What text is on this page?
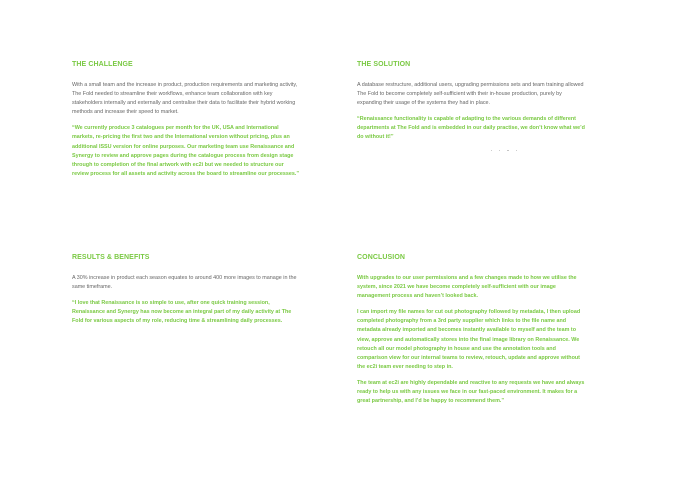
THE CHALLENGE

With a small team and the increase in product, production requirements and marketing activity, The Fold needed to streamline their workflows, enhance team collaboration with key stakeholders internally and externally and centralise their data to facilitate their hybrid working methods and increase their speed to market.

“We currently produce 3 catalogues per month for the UK, USA and International markets, re-pricing the first two and the International version without pricing, plus an additional ISSU version for online purposes. Our marketing team use Renaissance and Synergy to review and approve pages during the catalogue process from design stage through to completion of the final artwork with ec2i but we needed to structure our review process for all assets and activity across the board to streamline our processes.”

THE SOLUTION

A database restructure, additional users, upgrading permissions sets and team training allowed The Fold to become completely self-sufficient with their in-house production, purely by expanding their usage of the systems they had in place.

“Renaissance functionality is capable of adapting to the various demands of different departments at The Fold and is embedded in our daily practise, we don’t know what we’d do without it!”

RESULTS & BENEFITS

A 30% increase in product each season equates to around 400 more images to manage in the same timeframe.

“I love that Renaissance is so simple to use, after one quick training session, Renaissance and Synergy has now become an integral part of my daily activity at The Fold for various aspects of my role, reducing time & streamlining daily processes.

CONCLUSION

With upgrades to our user permissions and a few changes made to how we utilise the system, since 2021 we have become completely self-sufficient with our image management process and haven’t looked back.

I can import my file names for cut out photography followed by metadata, I then upload completed photography from a 3rd party supplier which links to the file name and metadata already imported and becomes instantly available to myself and the team to view, approve and automatically stores into the final image library on Renaissance. We retouch all our model photography in house and use the annotation tools and comparison view for our internal teams to review, retouch, update and approve without the ec2i team ever needing to step in.

The team at ec2i are highly dependable and reactive to any requests we have and always ready to help us with any issues we face in our fast-paced environment. It makes for a great partnership, and I’d be happy to recommend them.”
